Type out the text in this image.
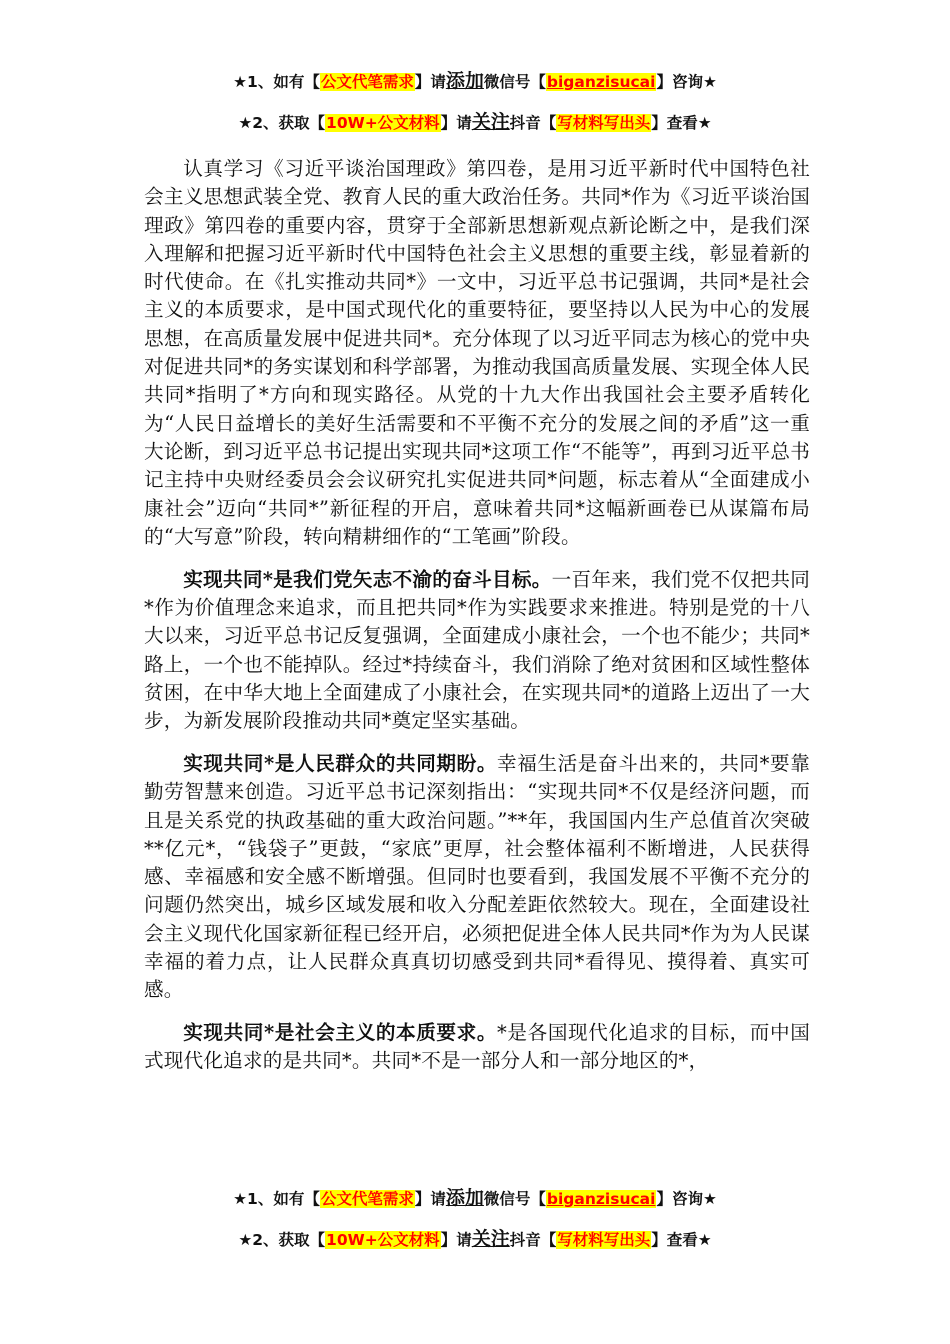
★1、如有【公文代笔需求】请添加微信号【biganzisucai】咨询★
★2、获取【10W+公文材料】请关注抖音【写材料写出头】查看★

认真学习《习近平谈治国理政》第四卷，是用习近平新时代中国特色社会主义思想武装全党、教育人民的重大政治任务。共同*作为《习近平谈治国理政》第四卷的重要内容，贯穿于全部新思想新观点新论断之中，是我们深入理解和把握习近平新时代中国特色社会主义思想的重要主线，彰显着新的时代使命。在《扎实推动共同*》一文中，习近平总书记强调，共同*是社会主义的本质要求，是中国式现代化的重要特征，要坚持以人民为中心的发展思想，在高质量发展中促进共同*。充分体现了以习近平同志为核心的党中央对促进共同*的务实谋划和科学部署，为推动我国高质量发展、实现全体人民共同*指明了*方向和现实路径。从党的十九大作出我国社会主要矛盾转化为“人民日益增长的美好生活需要和不平衡不充分的发展之间的矛盾”这一重大论断，到习近平总书记提出实现共同*这项工作“不能等”，再到习近平总书记主持中央财经委员会会议研究扎实促进共同*问题，标志着从“全面建成小康社会”迈向“共同*”新征程的开启，意味着共同*这幅新画卷已从谋篇布局的“大写意”阶段，转向精耕细作的“工笔画”阶段。

实现共同*是我们党矢志不渝的奋斗目标。一百年来，我们党不仅把共同*作为价值理念来追求，而且把共同*作为实践要求来推进。特别是党的十八大以来，习近平总书记反复强调，全面建成小康社会，一个也不能少；共同*路上，一个也不能掉队。经过*持续奋斗，我们消除了绝对贫困和区域性整体贫困，在中华大地上全面建成了小康社会，在实现共同*的道路上迈出了一大步，为新发展阶段推动共同*奠定坚实基础。

实现共同*是人民群众的共同期盼。幸福生活是奋斗出来的，共同*要靠勤劳智慧来创造。习近平总书记深刻指出：“实现共同*不仅是经济问题，而且是关系党的执政基础的重大政治问题。”**年，我国国内生产总值首次突破**亿元*，“钱袋子”更鼓，“家底”更厚，社会整体福利不断增进，人民获得感、幸福感和安全感不断增强。但同时也要看到，我国发展不平衡不充分的问题仍然突出，城乡区域发展和收入分配差距依然较大。现在，全面建设社会主义现代化国家新征程已经开启，必须把促进全体人民共同*作为为人民谋幸福的着力点，让人民群众真真切切感受到共同*看得见、摸得着、真实可感。

实现共同*是社会主义的本质要求。*是各国现代化追求的目标，而中国式现代化追求的是共同*。共同*不是一部分人和一部分地区的*，

★1、如有【公文代笔需求】请添加微信号【biganzisucai】咨询★
★2、获取【10W+公文材料】请关注抖音【写材料写出头】查看★
